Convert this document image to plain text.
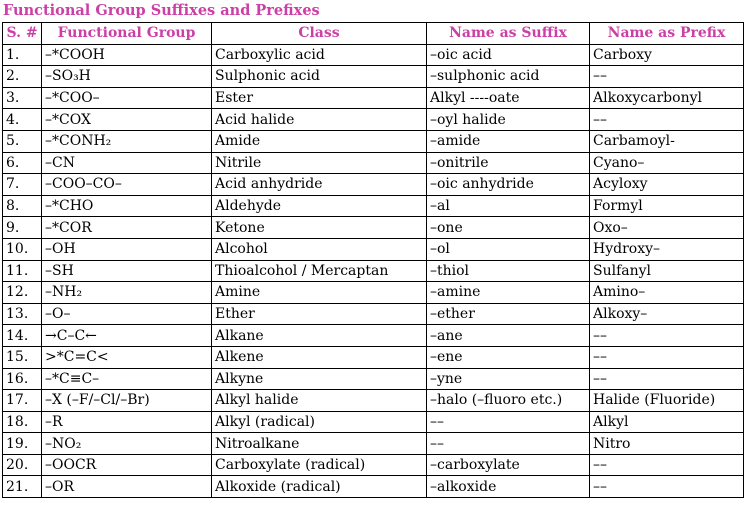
Functional Group Suffixes and Prefixes
S. #	Functional Group	Class	Name as Suffix	Name as Prefix
1.	–*COOH	Carboxylic acid	–oic acid	Carboxy
2.	–SO₃H	Sulphonic acid	–sulphonic acid	––
3.	–*COO–	Ester	Alkyl ----oate	Alkoxycarbonyl
4.	–*COX	Acid halide	–oyl halide	––
5.	–*CONH₂	Amide	–amide	Carbamoyl-
6.	–CN	Nitrile	–onitrile	Cyano–
7.	–COO–CO–	Acid anhydride	–oic anhydride	Acyloxy
8.	–*CHO	Aldehyde	–al	Formyl
9.	–*COR	Ketone	–one	Oxo–
10.	–OH	Alcohol	–ol	Hydroxy–
11.	–SH	Thioalcohol / Mercaptan	–thiol	Sulfanyl
12.	–NH₂	Amine	–amine	Amino–
13.	–O–	Ether	–ether	Alkoxy–
14.	→C–C←	Alkane	–ane	––
15.	>*C=C<	Alkene	–ene	––
16.	–*C≡C–	Alkyne	–yne	––
17.	–X (–F/–Cl/–Br)	Alkyl halide	–halo (–fluoro etc.)	Halide (Fluoride)
18.	–R	Alkyl (radical)	––	Alkyl
19.	–NO₂	Nitroalkane	––	Nitro
20.	–OOCR	Carboxylate (radical)	–carboxylate	––
21.	–OR	Alkoxide (radical)	–alkoxide	––
